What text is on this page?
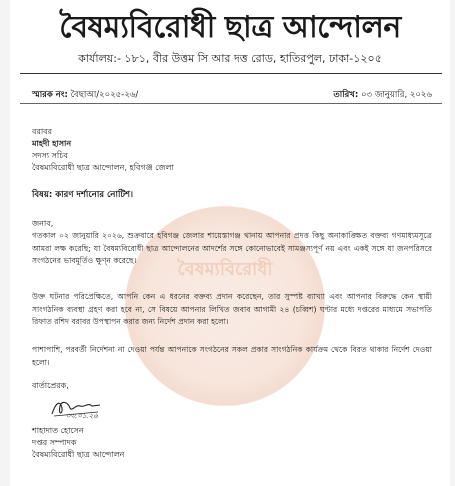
বৈষম্যবিরোধী
বৈষম্যবিরোধী ছাত্র আন্দোলন
কার্যালয়:- ১৮১, বীর উত্তম সি আর দত্ত রোড, হাতিরপুল, ঢাকা-১২০৫
স্মারক নং: বৈছাআ/২০২৫-২৬/	তারিখ: ০৩ জানুয়ারি, ২০২৬
বরাবর
মাহদী হাসান
সদস্য সচিব
বৈষম্যবিরোধী ছাত্র আন্দোলন, হবিগঞ্জ জেলা
বিষয়: কারণ দর্শানোর নোটিশ।
জনাব,
গতকাল ০২ জানুয়ারি ২০২৬, শুক্রবারে হবিগঞ্জ জেলার শায়েস্তাগঞ্জ থানায় আপনার প্রদত্ত কিছু অনাকাঙ্ক্ষিত বক্তব্য গণমাধ্যমসূত্রে আমরা লক্ষ করেছি; যা বৈষম্যবিরোধী ছাত্র আন্দোলনের আদর্শের সঙ্গে কোনোভাবেই সামঞ্জস্যপূর্ণ নয় এবং একই সঙ্গে যা জনপরিসরে সংগঠনের ভাবমূর্তিও ক্ষুণ্ন করেছে।
উক্ত ঘটনার পরিপ্রেক্ষিতে, আপনি কেন এ ধরনের বক্তব্য প্রদান করেছেন, তার সুস্পষ্ট ব্যাখ্যা এবং আপনার বিরুদ্ধে কেন স্থায়ী সাংগঠনিক ব্যবস্থা গ্রহণ করা হবে না, সে বিষয়ে আপনার লিখিত জবাব আগামী ২৪ (চব্বিশ) ঘণ্টার মধ্যে দপ্তরের মাধ্যমে সভাপতি রিফাত রশিদ বরাবর উপস্থাপন করার জন্য নির্দেশ প্রদান করা হলো।
পাশাপাশি, পরবর্তী নির্দেশনা না দেওয়া পর্যন্ত আপনাকে সংগঠনের সকল প্রকার সাংগঠনিক কার্যক্রম থেকে বিরত থাকার নির্দেশ দেওয়া হলো।
বার্তাপ্রেরক,
০৩.০১.২৬
শাহাদাত হোসেন
দপ্তর সম্পাদক
বৈষম্যবিরোধী ছাত্র আন্দোলন
